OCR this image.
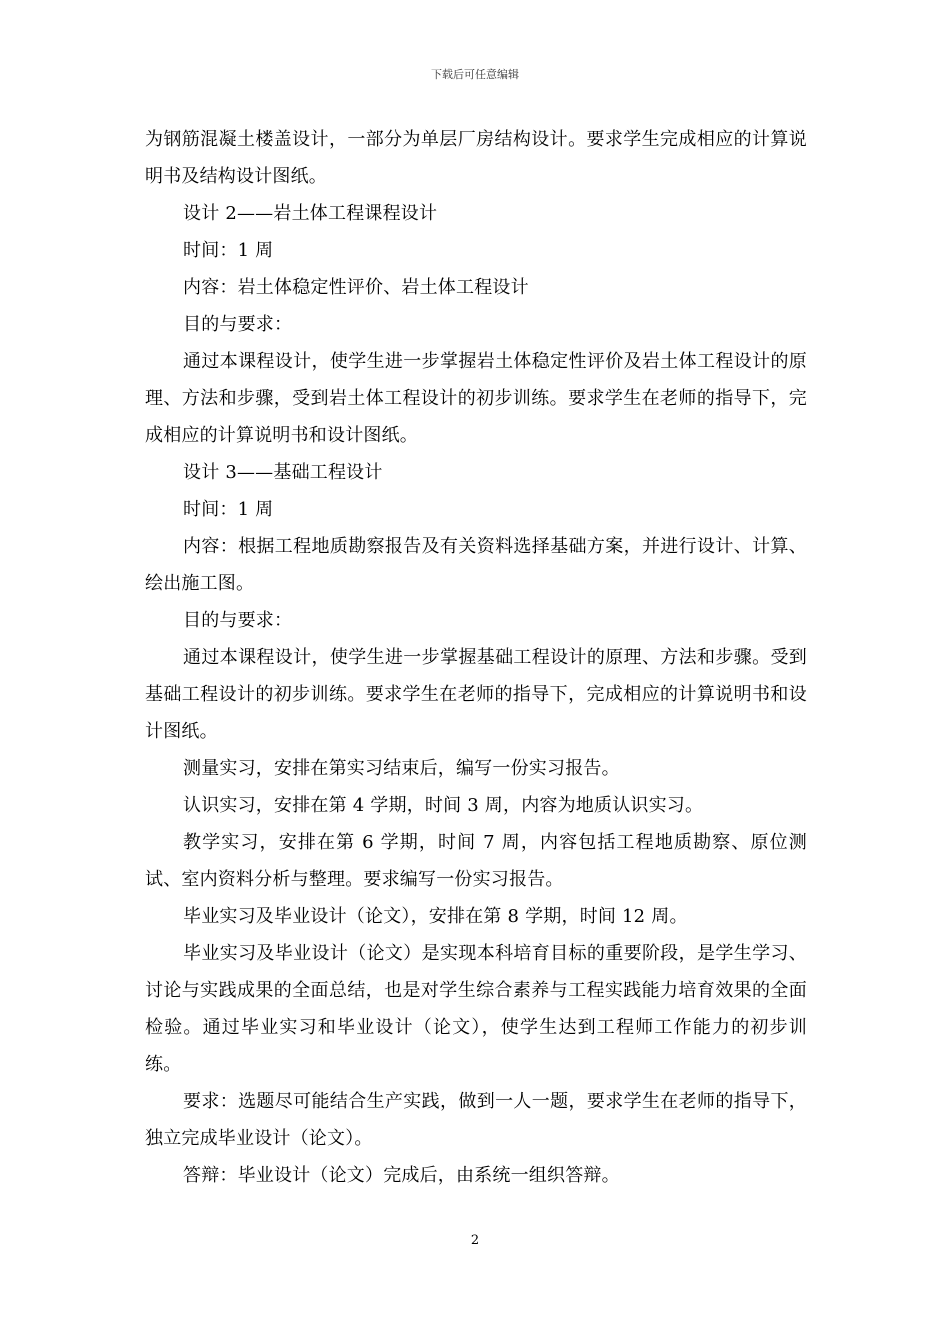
下载后可任意编辑

为钢筋混凝土楼盖设计，一部分为单层厂房结构设计。要求学生完成相应的计算说明书及结构设计图纸。

设计 2——岩土体工程课程设计

时间：1 周

内容：岩土体稳定性评价、岩土体工程设计

目的与要求：

通过本课程设计，使学生进一步掌握岩土体稳定性评价及岩土体工程设计的原理、方法和步骤，受到岩土体工程设计的初步训练。要求学生在老师的指导下，完成相应的计算说明书和设计图纸。

设计 3——基础工程设计

时间：1 周

内容：根据工程地质勘察报告及有关资料选择基础方案，并进行设计、计算、绘出施工图。

目的与要求：

通过本课程设计，使学生进一步掌握基础工程设计的原理、方法和步骤。受到基础工程设计的初步训练。要求学生在老师的指导下，完成相应的计算说明书和设计图纸。

测量实习，安排在第实习结束后，编写一份实习报告。

认识实习，安排在第 4 学期，时间 3 周，内容为地质认识实习。

教学实习，安排在第 6 学期，时间 7 周，内容包括工程地质勘察、原位测试、室内资料分析与整理。要求编写一份实习报告。

毕业实习及毕业设计（论文），安排在第 8 学期，时间 12 周。

毕业实习及毕业设计（论文）是实现本科培育目标的重要阶段，是学生学习、讨论与实践成果的全面总结，也是对学生综合素养与工程实践能力培育效果的全面检验。通过毕业实习和毕业设计（论文），使学生达到工程师工作能力的初步训练。

要求：选题尽可能结合生产实践，做到一人一题，要求学生在老师的指导下，独立完成毕业设计（论文）。

答辩：毕业设计（论文）完成后，由系统一组织答辩。

2
